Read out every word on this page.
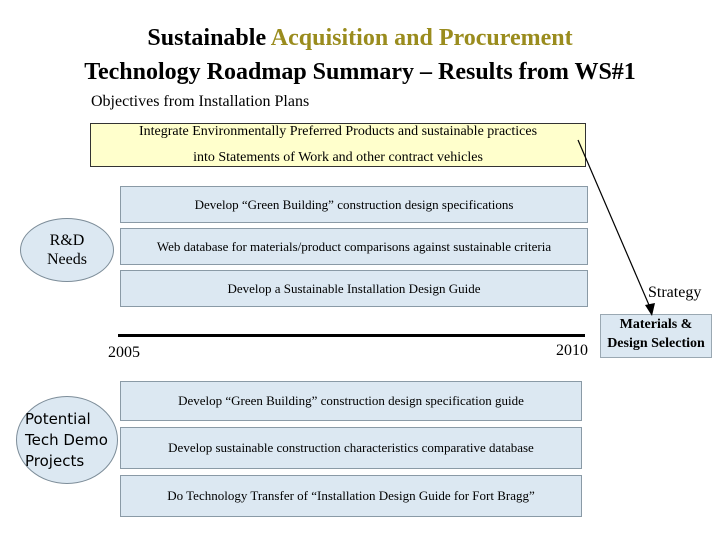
Sustainable Acquisition and Procurement
Technology Roadmap Summary – Results from WS#1
Objectives from Installation Plans
Integrate Environmentally Preferred Products and sustainable practices
into Statements of Work and other contract vehicles
R&D Needs
Develop “Green Building” construction design specifications
Web database for materials/product comparisons against sustainable criteria
Develop a Sustainable Installation Design Guide	Strategy
Materials & Design Selection
2005	2010
Potential Tech Demo Projects
Develop “Green Building” construction design specification guide
Develop sustainable construction characteristics comparative database
Do Technology Transfer of “Installation Design Guide for Fort Bragg”
